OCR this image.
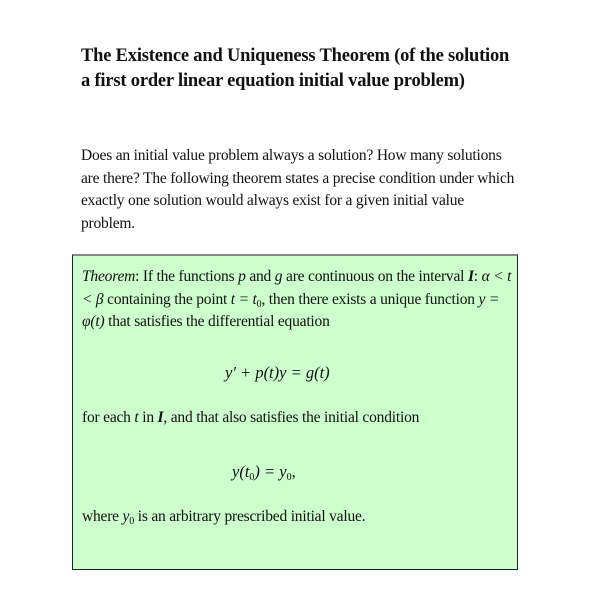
The Existence and Uniqueness Theorem (of the solution a first order linear equation initial value problem)
Does an initial value problem always a solution? How many solutions are there? The following theorem states a precise condition under which exactly one solution would always exist for a given initial value problem.
Theorem: If the functions p and g are continuous on the interval I: α < t < β containing the point $t = t_0$, then there exists a unique function y = φ(t) that satisfies the differential equation
y′ + p(t)y = g(t)
for each t in I, and that also satisfies the initial condition
$y(t_0) = y_0$,
where $y_0$ is an arbitrary prescribed initial value.
